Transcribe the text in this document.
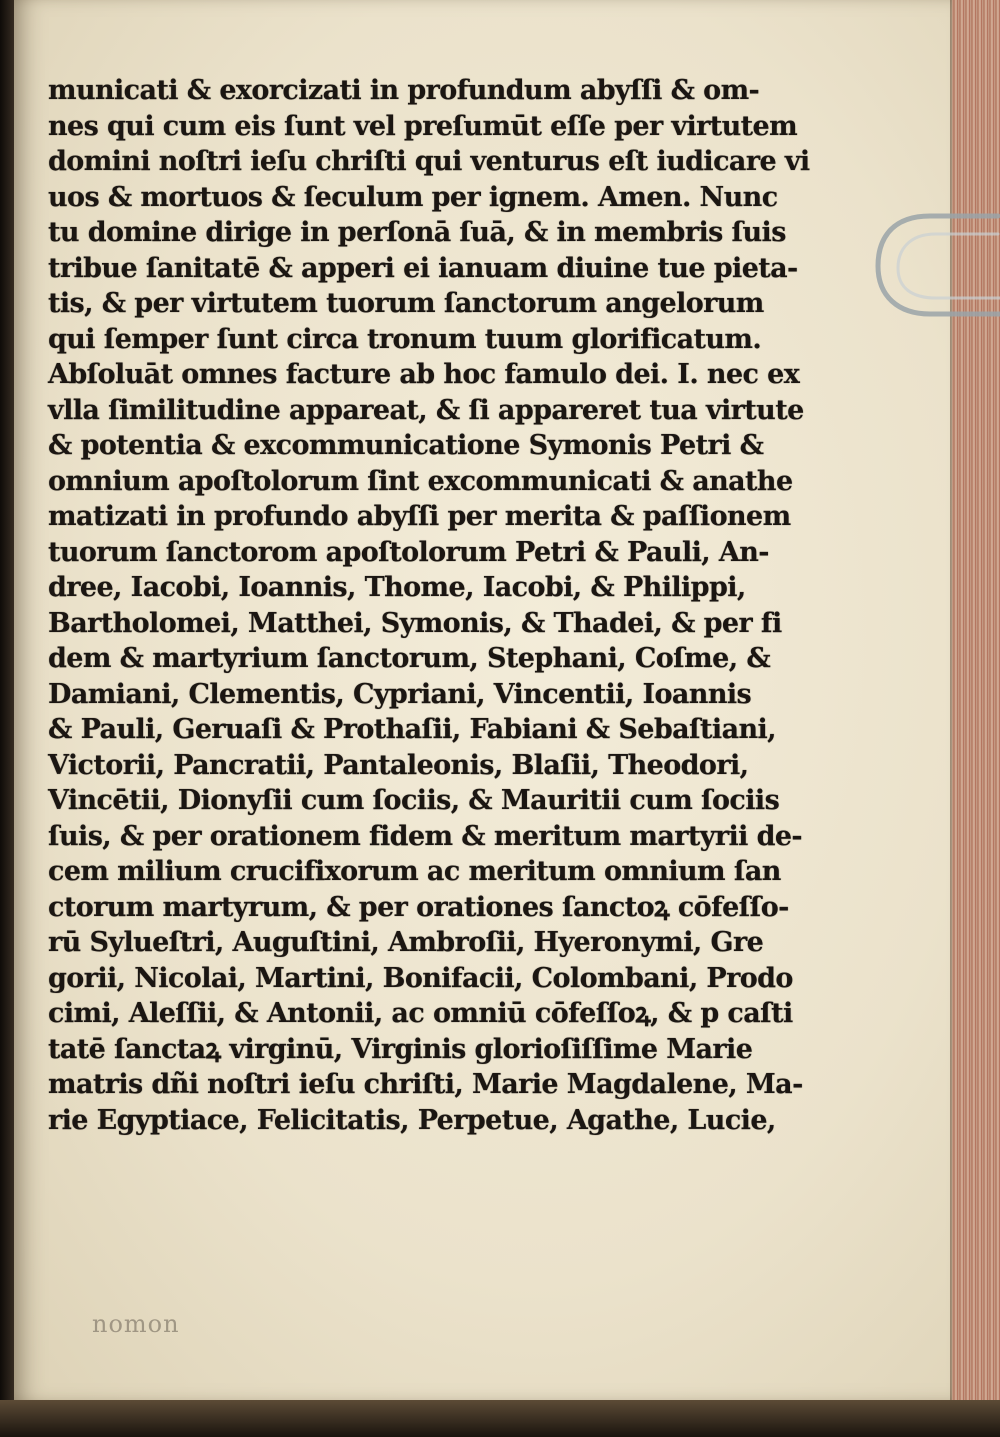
municati & exorcizati in profundum abyſſi & om-
nes qui cum eis ſunt vel preſumūt eſſe per virtutem
domini noſtri ieſu chriſti qui venturus eſt iudicare vi
uos & mortuos & ſeculum per ignem. Amen. Nunc
tu domine dirige in perſonā ſuā, & in membris ſuis
tribue ſanitatē & apperi ei ianuam diuine tue pieta-
tis, & per virtutem tuorum ſanctorum angelorum
qui ſemper ſunt circa tronum tuum glorificatum.
Abſoluāt omnes facture ab hoc famulo dei. I. nec ex
vlla ſimilitudine appareat, & ſi appareret tua virtute
& potentia & excommunicatione Symonis Petri &
omnium apoſtolorum ſint excommunicati & anathe
matizati in profundo abyſſi per merita & paſſionem
tuorum ſanctorom apoſtolorum Petri & Pauli, An-
dree, Iacobi, Ioannis, Thome, Iacobi, & Philippi,
Bartholomei, Matthei, Symonis, & Thadei, & per fi
dem & martyrium ſanctorum, Stephani, Coſme, &
Damiani, Clementis, Cypriani, Vincentii, Ioannis
& Pauli, Geruaſi & Prothaſii, Fabiani & Sebaſtiani,
Victorii, Pancratii, Pantaleonis, Blaſii, Theodori,
Vincētii, Dionyſii cum ſociis, & Mauritii cum ſociis
ſuis, & per orationem fidem & meritum martyrii de-
cem milium crucifixorum ac meritum omnium ſan
ctorum martyrum, & per orationes ſanctoꝝ cōfeſſo-
rū Sylueſtri, Auguſtini, Ambroſii, Hyeronymi, Gre
gorii, Nicolai, Martini, Bonifacii, Colombani, Prodo
cimi, Aleſſii, & Antonii, ac omniū cōfeſſoꝝ, & p caſti
tatē ſanctaꝝ virginū, Virginis glorioſiſſime Marie
matris dñi noſtri ieſu chriſti, Marie Magdalene, Ma-
rie Egyptiace, Felicitatis, Perpetue, Agathe, Lucie,
nomon
